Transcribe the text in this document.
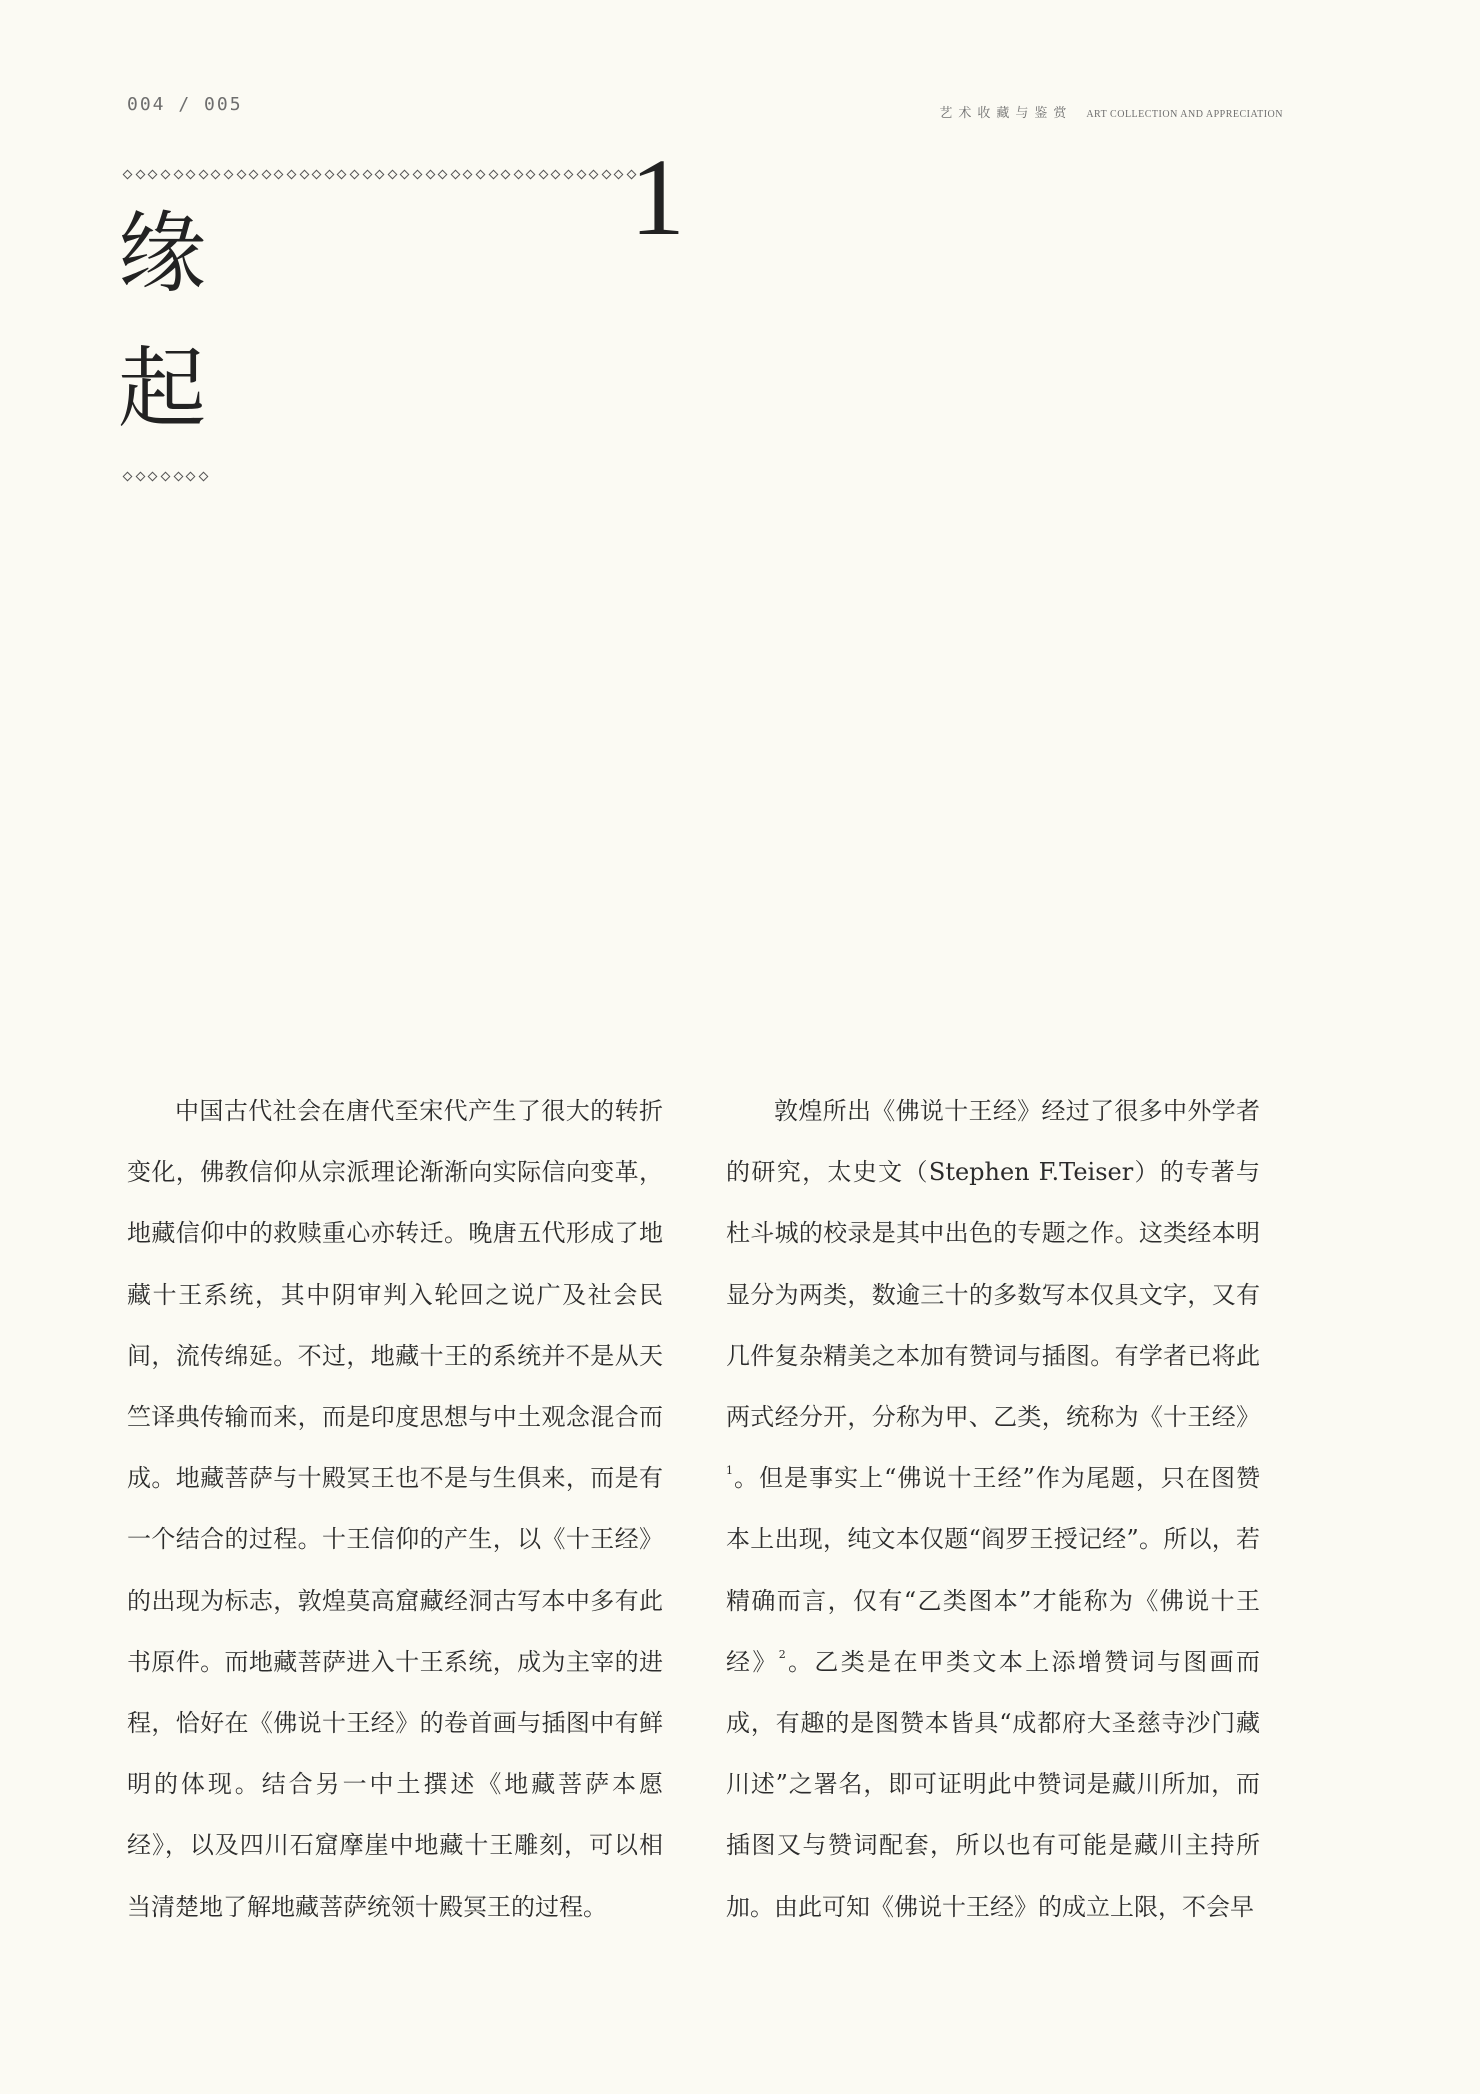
004 / 005	艺术收藏与鉴赏 ART COLLECTION AND APPRECIATION
1
缘
起

中国古代社会在唐代至宋代产生了很大的转折变化，佛教信仰从宗派理论渐渐向实际信向变革，地藏信仰中的救赎重心亦转迁。晚唐五代形成了地藏十王系统，其中阴审判入轮回之说广及社会民间，流传绵延。不过，地藏十王的系统并不是从天竺译典传输而来，而是印度思想与中土观念混合而成。地藏菩萨与十殿冥王也不是与生俱来，而是有一个结合的过程。十王信仰的产生，以《十王经》的出现为标志，敦煌莫高窟藏经洞古写本中多有此书原件。而地藏菩萨进入十王系统，成为主宰的进程，恰好在《佛说十王经》的卷首画与插图中有鲜明的体现。结合另一中土撰述《地藏菩萨本愿经》，以及四川石窟摩崖中地藏十王雕刻，可以相当清楚地了解地藏菩萨统领十殿冥王的过程。

敦煌所出《佛说十王经》经过了很多中外学者的研究，太史文（Stephen F.Teiser）的专著与杜斗城的校录是其中出色的专题之作。这类经本明显分为两类，数逾三十的多数写本仅具文字，又有几件复杂精美之本加有赞词与插图。有学者已将此两式经分开，分称为甲、乙类，统称为《十王经》$^1$。但是事实上“佛说十王经”作为尾题，只在图赞本上出现，纯文本仅题“阎罗王授记经”。所以，若精确而言，仅有“乙类图本”才能称为《佛说十王经》$^2$。乙类是在甲类文本上添增赞词与图画而成，有趣的是图赞本皆具“成都府大圣慈寺沙门藏川述”之署名，即可证明此中赞词是藏川所加，而插图又与赞词配套，所以也有可能是藏川主持所加。由此可知《佛说十王经》的成立上限，不会早
